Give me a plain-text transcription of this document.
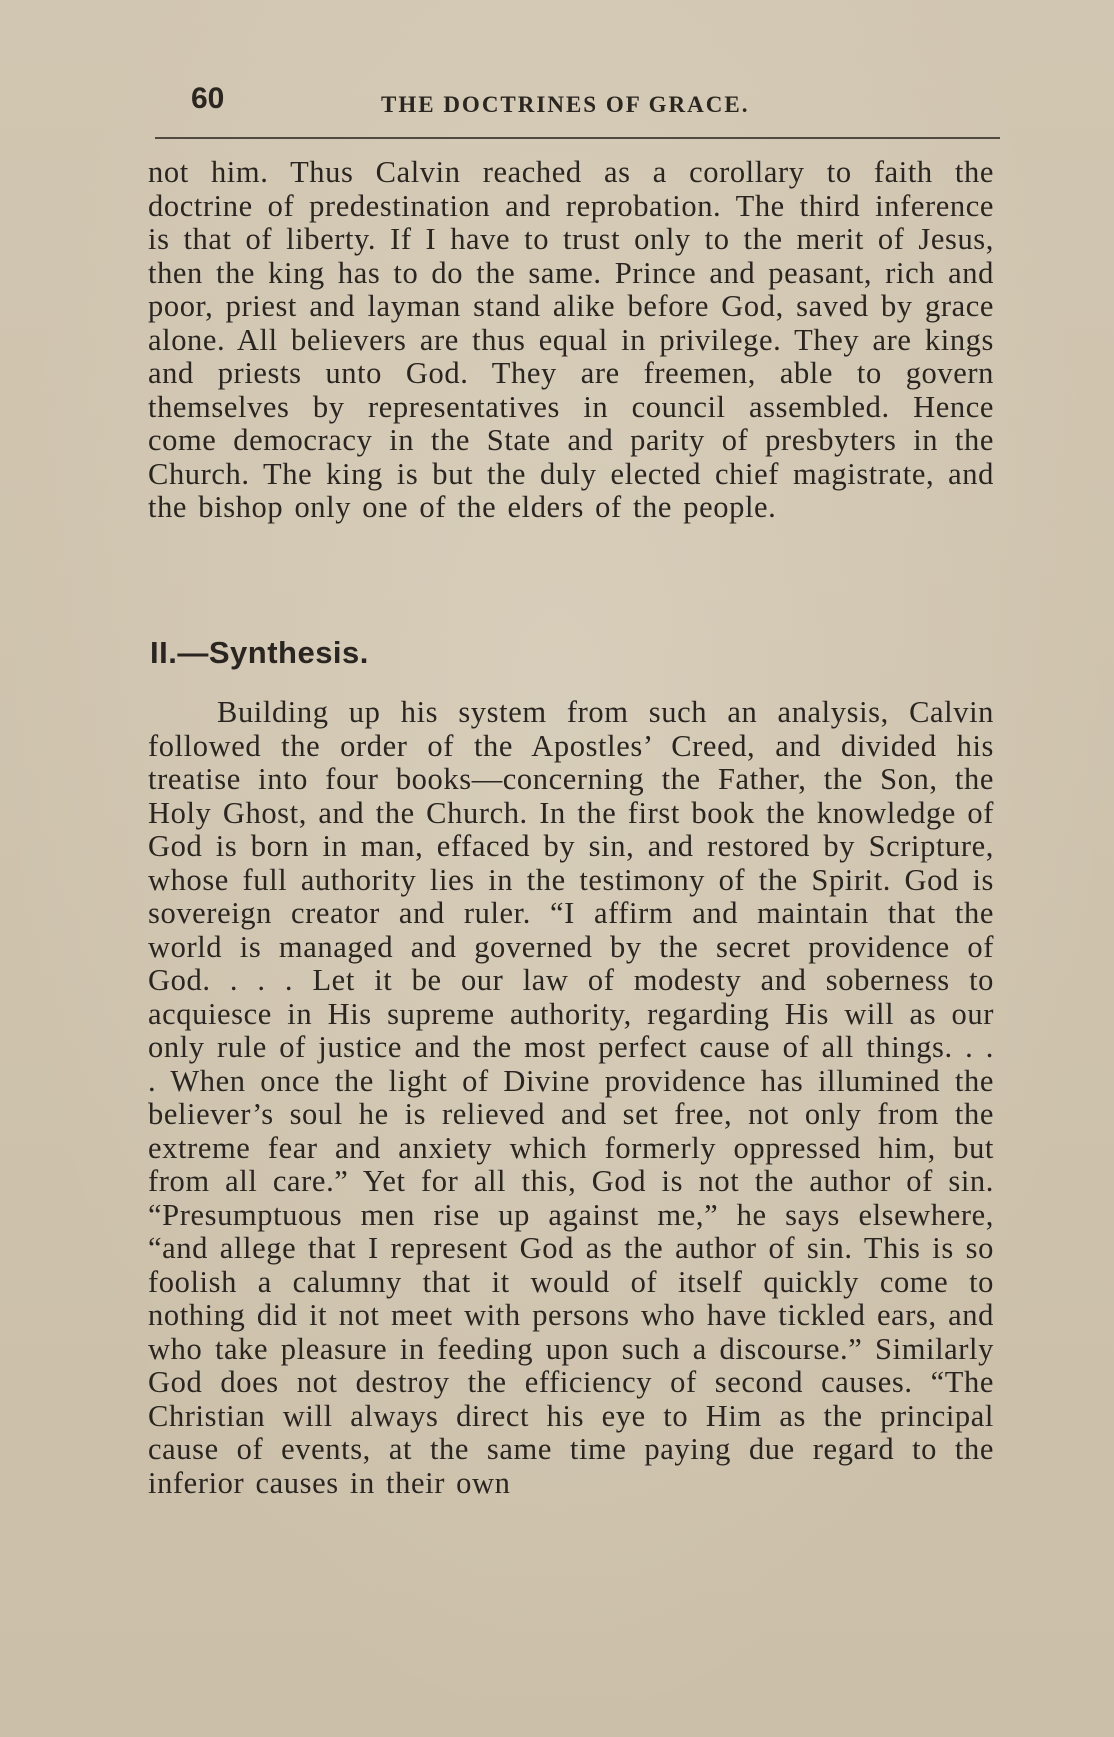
60	THE DOCTRINES OF GRACE.
not him. Thus Calvin reached as a corollary to faith the doctrine of predestination and reprobation. The third inference is that of liberty. If I have to trust only to the merit of Jesus, then the king has to do the same. Prince and peasant, rich and poor, priest and layman stand alike before God, saved by grace alone. All believers are thus equal in privilege. They are kings and priests unto God. They are freemen, able to govern themselves by representatives in council assembled. Hence come democracy in the State and parity of presbyters in the Church. The king is but the duly elected chief magistrate, and the bishop only one of the elders of the people.
II.—Synthesis.
Building up his system from such an analysis, Calvin followed the order of the Apostles’ Creed, and divided his treatise into four books—concerning the Father, the Son, the Holy Ghost, and the Church. In the first book the knowledge of God is born in man, effaced by sin, and restored by Scripture, whose full authority lies in the testimony of the Spirit. God is sovereign creator and ruler. “I affirm and maintain that the world is managed and governed by the secret providence of God. . . . Let it be our law of modesty and soberness to acquiesce in His supreme authority, regarding His will as our only rule of justice and the most perfect cause of all things. . . . When once the light of Divine providence has illumined the believer’s soul he is relieved and set free, not only from the extreme fear and anxiety which formerly oppressed him, but from all care.” Yet for all this, God is not the author of sin. “Presumptuous men rise up against me,” he says elsewhere, “and allege that I represent God as the author of sin. This is so foolish a calumny that it would of itself quickly come to nothing did it not meet with persons who have tickled ears, and who take pleasure in feeding upon such a discourse.” Similarly God does not destroy the efficiency of second causes. “The Christian will always direct his eye to Him as the principal cause of events, at the same time paying due regard to the inferior causes in their own
